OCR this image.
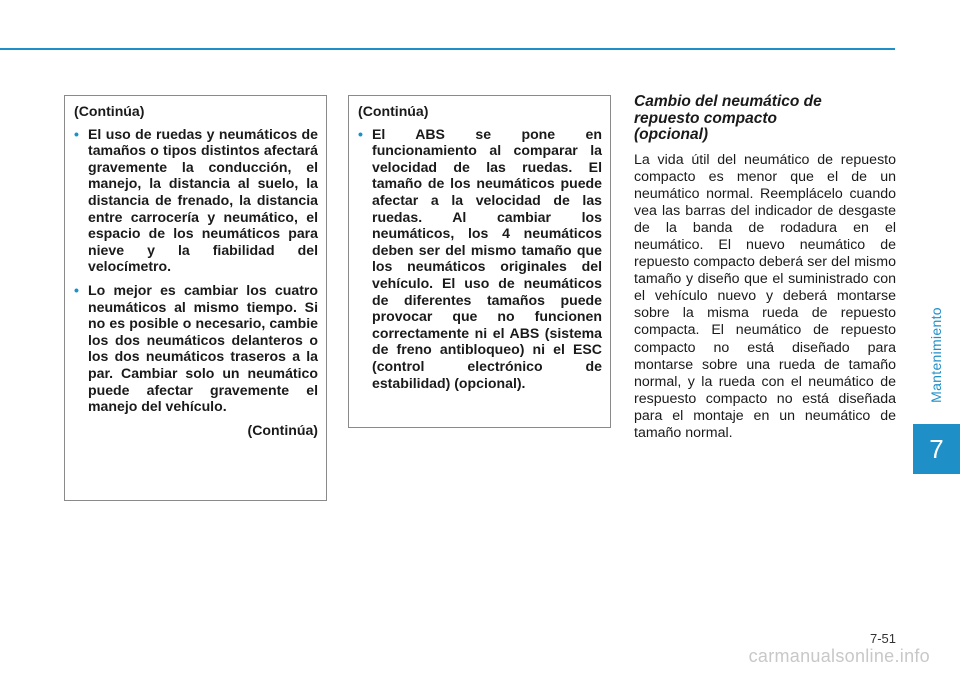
Mantenimiento
7
(Continúa)
• El uso de ruedas y neumáticos de tamaños o tipos distintos afectará gravemente la conducción, el manejo, la distancia al suelo, la distancia de frenado, la distancia entre carrocería y neumático, el espacio de los neumáticos para nieve y la fiabilidad del velocímetro.
• Lo mejor es cambiar los cuatro neumáticos al mismo tiempo. Si no es posible o necesario, cambie los dos neumáticos delanteros o los dos neumáticos traseros a la par. Cambiar solo un neumático puede afectar gravemente el manejo del vehículo.
(Continúa)
(Continúa)
• El ABS se pone en funcionamiento al comparar la velocidad de las ruedas. El tamaño de los neumáticos puede afectar a la velocidad de las ruedas. Al cambiar los neumáticos, los 4 neumáticos deben ser del mismo tamaño que los neumáticos originales del vehículo. El uso de neumáticos de diferentes tamaños puede provocar que no funcionen correctamente ni el ABS (sistema de freno antibloqueo) ni el ESC (control electrónico de estabilidad) (opcional).
Cambio del neumático de
repuesto compacto
(opcional)

La vida útil del neumático de repuesto compacto es menor que el de un neumático normal. Reemplácelo cuando vea las barras del indicador de desgaste de la banda de rodadura en el neumático. El nuevo neumático de repuesto compacto deberá ser del mismo tamaño y diseño que el suministrado con el vehículo nuevo y deberá montarse sobre la misma rueda de repuesto compacta. El neumático de repuesto compacto no está diseñado para montarse sobre una rueda de tamaño normal, y la rueda con el neumático de respuesto compacto no está diseñada para el montaje en un neumático de tamaño normal.

7-51
carmanualsonline.info
